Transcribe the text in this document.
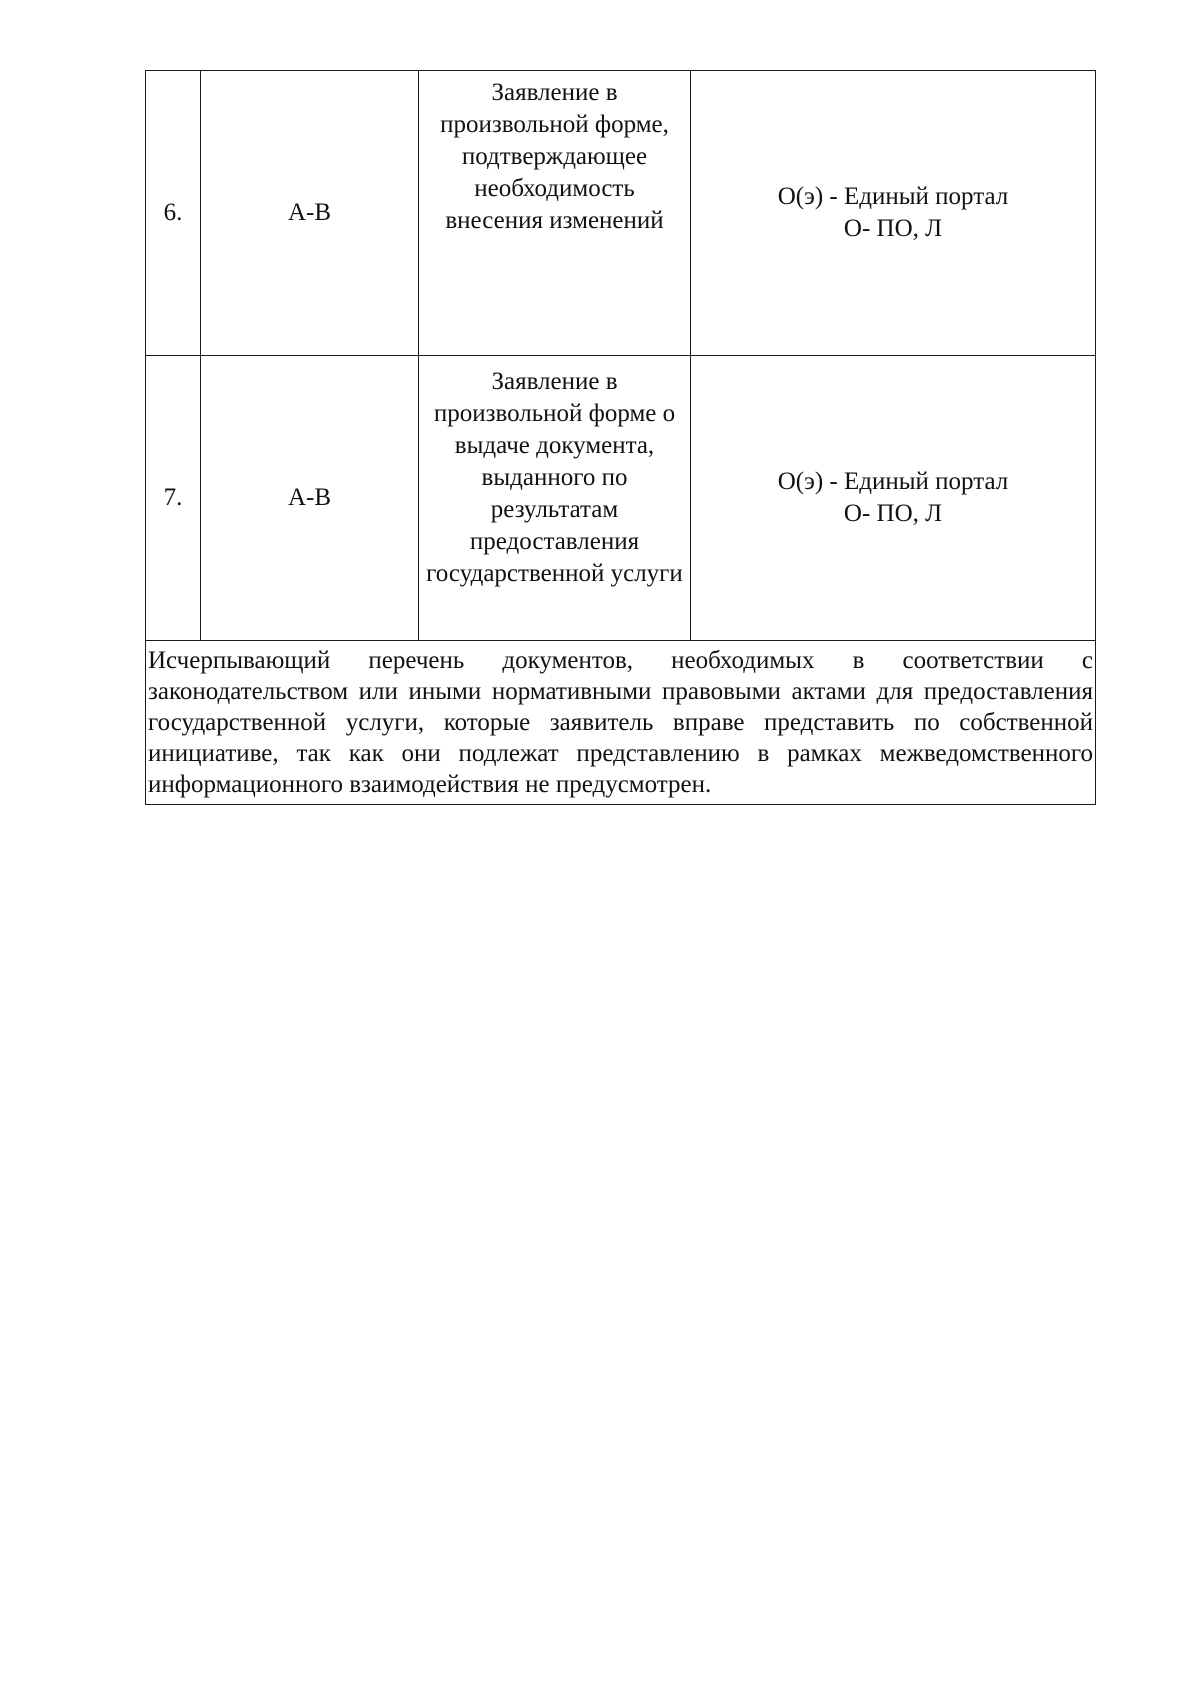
6.	А-В	Заявление в произвольной форме, подтверждающее необходимость внесения изменений	О(э) - Единый портал
О- ПО, Л

7.	А-В	Заявление в произвольной форме о выдаче документа, выданного по результатам предоставления государственной услуги	О(э) - Единый портал
О- ПО, Л

Исчерпывающий перечень документов, необходимых в соответствии с законодательством или иными нормативными правовыми актами для предоставления государственной услуги, которые заявитель вправе представить по собственной инициативе, так как они подлежат представлению в рамках межведомственного информационного взаимодействия не предусмотрен.			
